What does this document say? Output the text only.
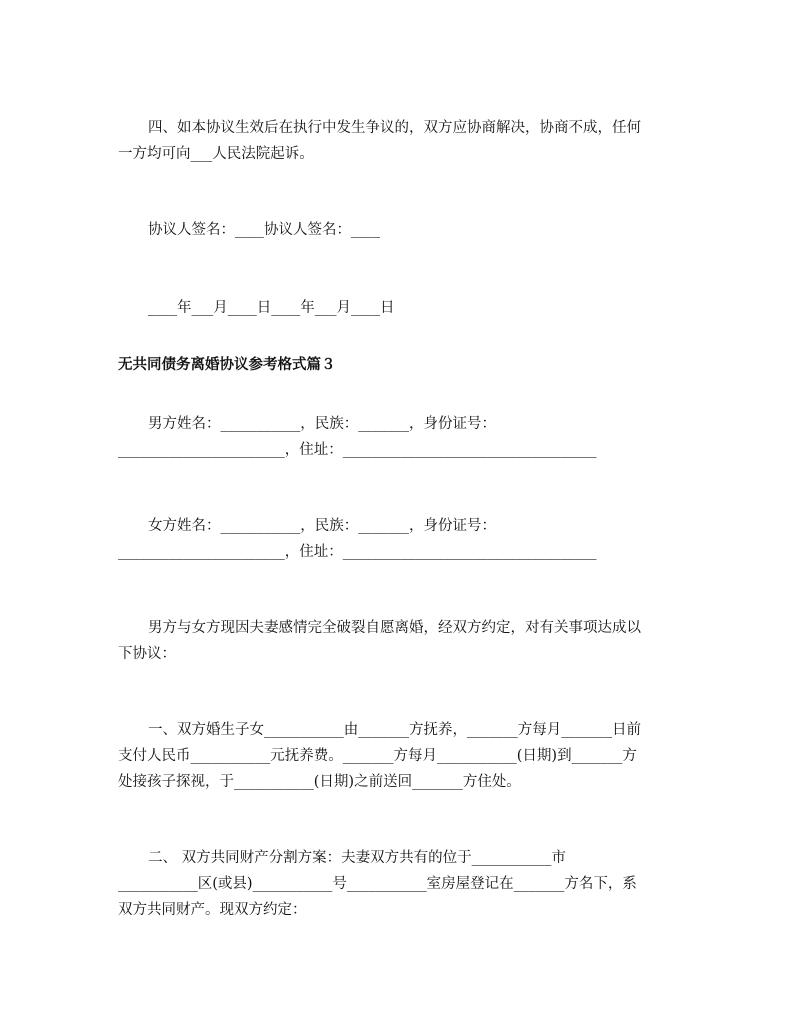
四、如本协议生效后在执行中发生争议的，双方应协商解决，协商不成，任何
一方均可向___人民法院起诉。
协议人签名：____协议人签名：____
____年___月____日____年___月____日
无共同债务离婚协议参考格式篇３
男方姓名：___________，民族：_______，身份证号：
_______________________，住址：___________________________________
女方姓名：___________，民族：_______，身份证号：
_______________________，住址：___________________________________
男方与女方现因夫妻感情完全破裂自愿离婚，经双方约定，对有关事项达成以
下协议：
一、双方婚生子女___________由_______方抚养，_______方每月_______日前
支付人民币___________元抚养费。_______方每月___________(日期)到_______方
处接孩子探视，于___________(日期)之前送回_______方住处。
二、 双方共同财产分割方案：夫妻双方共有的位于___________市
___________区(或县)___________号___________室房屋登记在_______方名下，系
双方共同财产。现双方约定：
